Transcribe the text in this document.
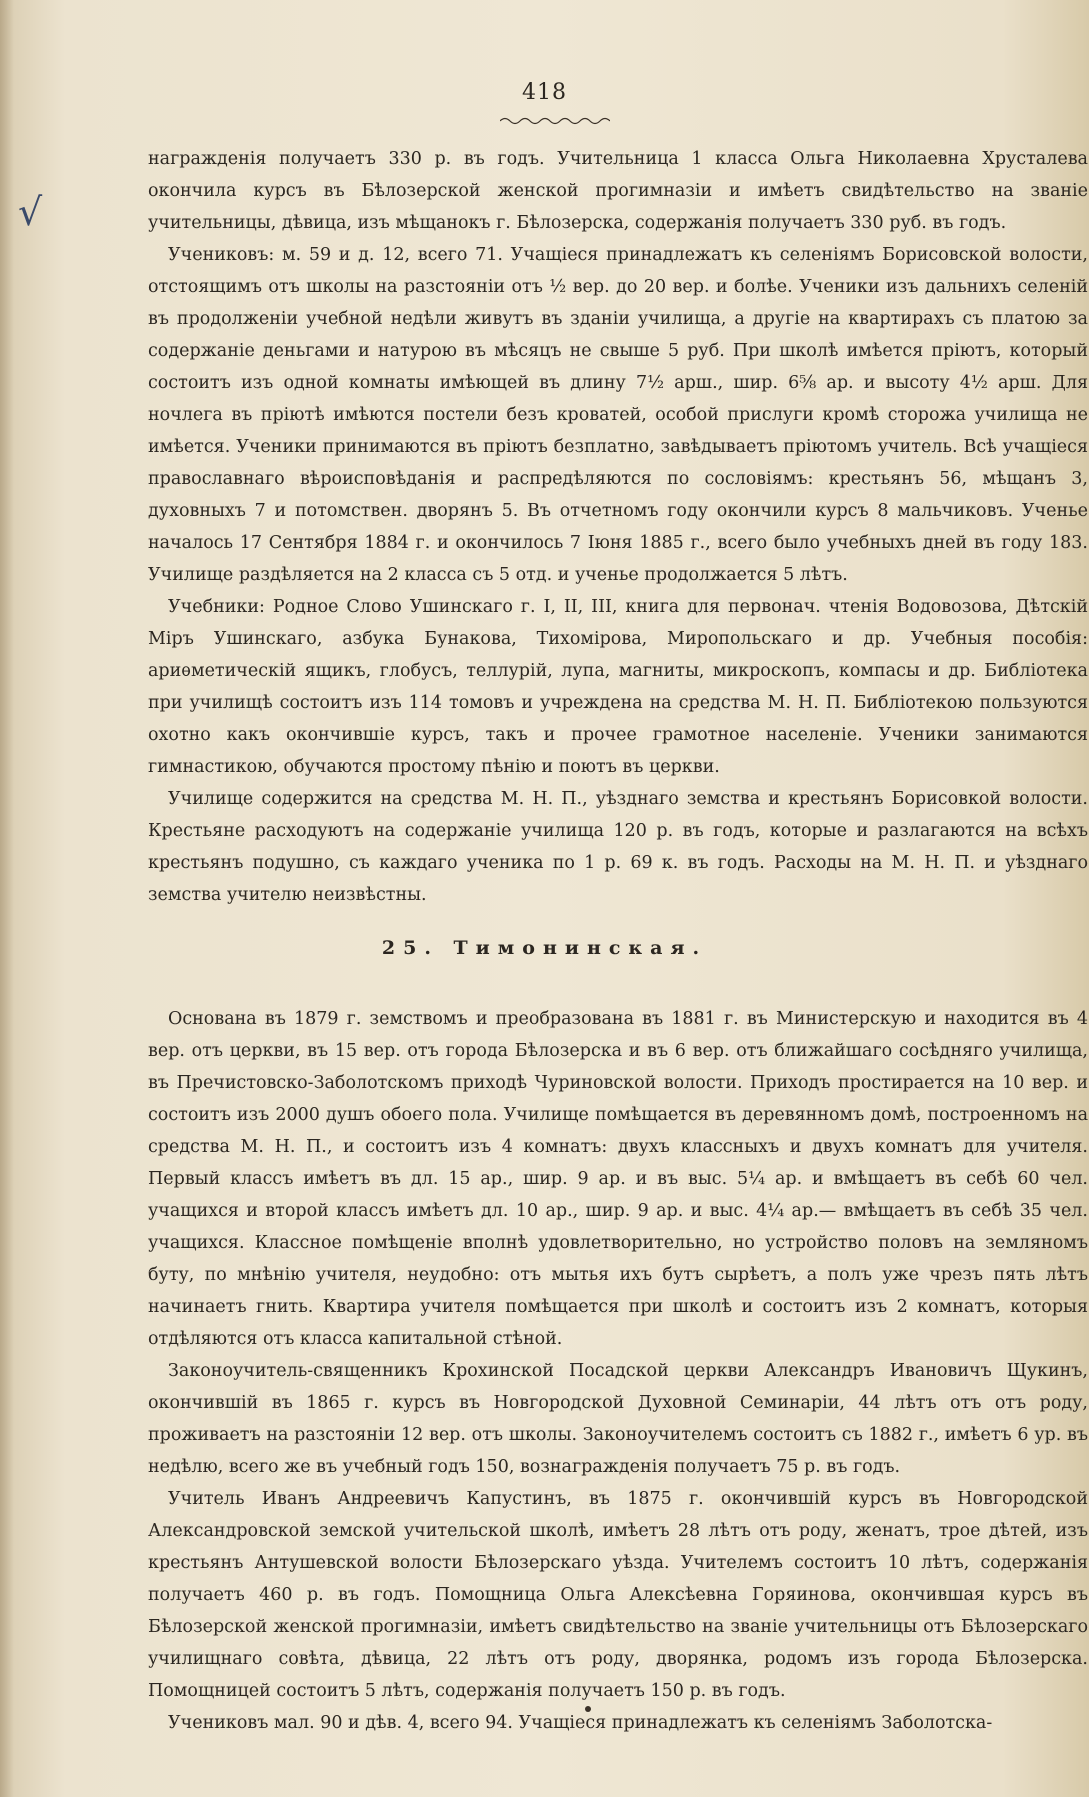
√
418

награжденія получаетъ 330 р. въ годъ. Учительница 1 класса Ольга Николаевна Хрусталева окончила курсъ въ Бѣлозерской женской прогимназіи и имѣетъ свидѣтельство на званіе учительницы, дѣвица, изъ мѣщанокъ г. Бѣлозерска, содержанія получаетъ 330 руб. въ годъ.

Учениковъ: м. 59 и д. 12, всего 71. Учащіеся принадлежатъ къ селеніямъ Борисовской волости, отстоящимъ отъ школы на разстояніи отъ ½ вер. до 20 вер. и болѣе. Ученики изъ дальнихъ селеній въ продолженіи учебной недѣли живутъ въ зданіи училища, а другіе на квартирахъ съ платою за содержаніе деньгами и натурою въ мѣсяцъ не свыше 5 руб. При школѣ имѣется пріютъ, который состоитъ изъ одной комнаты имѣющей въ длину 7½ арш., шир. 6⅝ ар. и высоту 4½ арш. Для ночлега въ пріютѣ имѣются постели безъ кроватей, особой прислуги кромѣ сторожа училища не имѣется. Ученики принимаются въ пріютъ безплатно, завѣдываетъ пріютомъ учитель. Всѣ учащіеся православнаго вѣроисповѣданія и распредѣляются по сословіямъ: крестьянъ 56, мѣщанъ 3, духовныхъ 7 и потомствен. дворянъ 5. Въ отчетномъ году окончили курсъ 8 мальчиковъ. Ученье началось 17 Сентября 1884 г. и окончилось 7 Іюня 1885 г., всего было учебныхъ дней въ году 183. Училище раздѣляется на 2 класса съ 5 отд. и ученье продолжается 5 лѣтъ.

Учебники: Родное Слово Ушинскаго г. I, II, III, книга для первонач. чтенія Водовозова, Дѣтскій Міръ Ушинскаго, азбука Бунакова, Тихомірова, Миропольскаго и др. Учебныя пособія: ариѳметическій ящикъ, глобусъ, теллурій, лупа, магниты, микроскопъ, компасы и др. Библіотека при училищѣ состоитъ изъ 114 томовъ и учреждена на средства М. Н. П. Библіотекою пользуются охотно какъ окончившіе курсъ, такъ и прочее грамотное населеніе. Ученики занимаются гимнастикою, обучаются простому пѣнію и поютъ въ церкви.

Училище содержится на средства М. Н. П., уѣзднаго земства и крестьянъ Борисовкой волости. Крестьяне расходуютъ на содержаніе училища 120 р. въ годъ, которые и разлагаются на всѣхъ крестьянъ подушно, съ каждаго ученика по 1 р. 69 к. въ годъ. Расходы на М. Н. П. и уѣзднаго земства учителю неизвѣстны.

25. Тимонинская.

Основана въ 1879 г. земствомъ и преобразована въ 1881 г. въ Министерскую и находится въ 4 вер. отъ церкви, въ 15 вер. отъ города Бѣлозерска и въ 6 вер. отъ ближайшаго сосѣдняго училища, въ Пречистовско-Заболотскомъ приходѣ Чуриновской волости. Приходъ простирается на 10 вер. и состоитъ изъ 2000 душъ обоего пола. Училище помѣщается въ деревянномъ домѣ, построенномъ на средства М. Н. П., и состоитъ изъ 4 комнатъ: двухъ классныхъ и двухъ комнатъ для учителя. Первый классъ имѣетъ въ дл. 15 ар., шир. 9 ар. и въ выс. 5¼ ар. и вмѣщаетъ въ себѣ 60 чел. учащихся и второй классъ имѣетъ дл. 10 ар., шир. 9 ар. и выс. 4¼ ар.— вмѣщаетъ въ себѣ 35 чел. учащихся. Классное помѣщеніе вполнѣ удовлетворительно, но устройство половъ на земляномъ буту, по мнѣнію учителя, неудобно: отъ мытья ихъ бутъ сырѣетъ, а полъ уже чрезъ пять лѣтъ начинаетъ гнить. Квартира учителя помѣщается при школѣ и состоитъ изъ 2 комнатъ, которыя отдѣляются отъ класса капитальной стѣной.

Законоучитель-священникъ Крохинской Посадской церкви Александръ Ивановичъ Щукинъ, окончившій въ 1865 г. курсъ въ Новгородской Духовной Семинаріи, 44 лѣтъ отъ отъ роду, проживаетъ на разстояніи 12 вер. отъ школы. Законоучителемъ состоитъ съ 1882 г., имѣетъ 6 ур. въ недѣлю, всего же въ учебный годъ 150, вознагражденія получаетъ 75 р. въ годъ.

Учитель Иванъ Андреевичъ Капустинъ, въ 1875 г. окончившій курсъ въ Новгородской Александровской земской учительской школѣ, имѣетъ 28 лѣтъ отъ роду, женатъ, трое дѣтей, изъ крестьянъ Антушевской волости Бѣлозерскаго уѣзда. Учителемъ состоитъ 10 лѣтъ, содержанія получаетъ 460 р. въ годъ. Помощница Ольга Алексѣевна Горяинова, окончившая курсъ въ Бѣлозерской женской прогимназіи, имѣетъ свидѣтельство на званіе учительницы отъ Бѣлозерскаго училищнаго совѣта, дѣвица, 22 лѣтъ отъ роду, дворянка, родомъ изъ города Бѣлозерска. Помощницей состоитъ 5 лѣтъ, содержанія получаетъ 150 р. въ годъ.

Учениковъ мал. 90 и дѣв. 4, всего 94. Учащіеся принадлежатъ къ селеніямъ Заболотска-
